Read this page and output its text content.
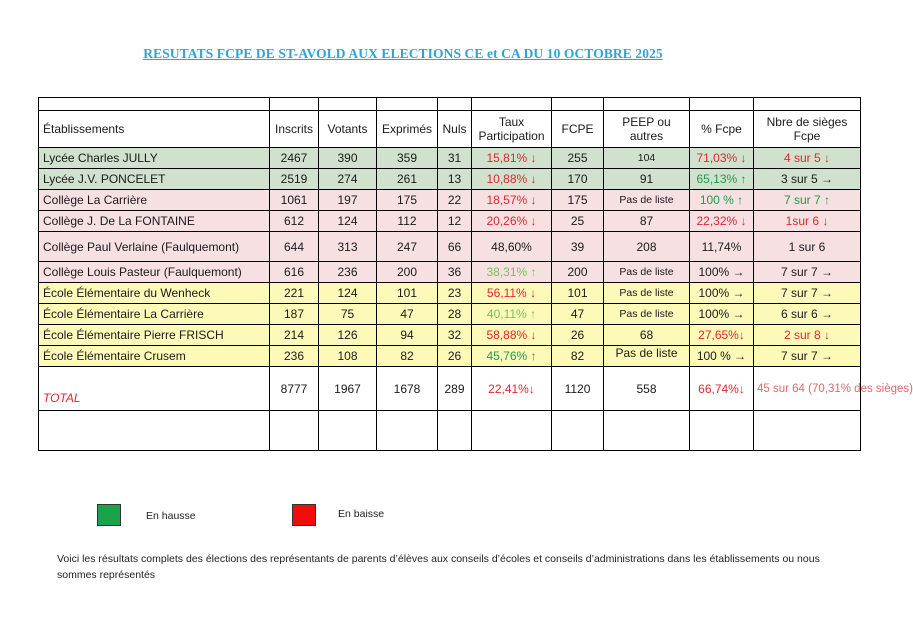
RESUTATS FCPE DE ST-AVOLD AUX ELECTIONS CE et CA DU 10 OCTOBRE 2025

Établissements	Inscrits	Votants	Exprimés	Nuls	Taux Participation	FCPE	PEEP ou autres	% Fcpe	Nbre de sièges Fcpe
Lycée Charles JULLY	2467	390	359	31	15,81% ↓	255	104	71,03% ↓	4 sur 5 ↓
Lycée J.V. PONCELET	2519	274	261	13	10,88% ↓	170	91	65,13% ↑	3 sur 5 →
Collège La Carrière	1061	197	175	22	18,57% ↓	175	Pas de liste	100 % ↑	7 sur 7 ↑
Collège J. De La FONTAINE	612	124	112	12	20,26% ↓	25	87	22,32% ↓	1sur 6 ↓
Collège Paul Verlaine (Faulquemont)	644	313	247	66	48,60%	39	208	11,74%	1 sur 6
Collège Louis Pasteur (Faulquemont)	616	236	200	36	38,31% ↑	200	Pas de liste	100% →	7 sur 7 →
École Élémentaire du Wenheck	221	124	101	23	56,11% ↓	101	Pas de liste	100% →	7 sur 7 →
École Élémentaire La Carrière	187	75	47	28	40,11% ↑	47	Pas de liste	100% →	6 sur 6 →
École Élémentaire Pierre FRISCH	214	126	94	32	58,88% ↓	26	68	27,65%↓	2 sur 8 ↓
École Élémentaire Crusem	236	108	82	26	45,76% ↑	82	Pas de liste	100 % →	7 sur 7 →

TOTAL	8777	1967	1678	289	22,41%↓	1120	558	66,74%↓	45 sur 64 (70,31% des sièges)

En hausse	En baisse
Voici les résultats complets des élections des représentants de parents d’élèves aux conseils d’écoles et conseils d’administrations dans les établissements ou nous sommes représentés
